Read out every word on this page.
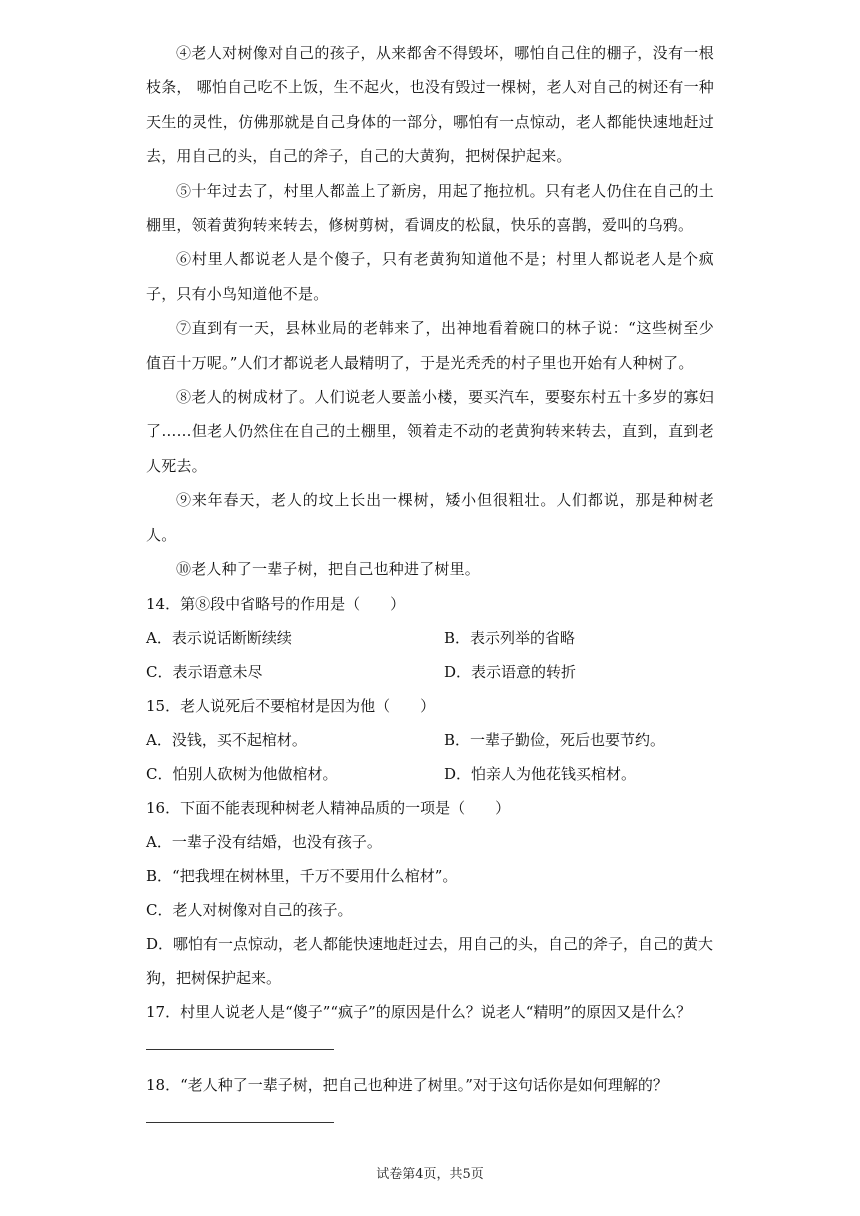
④老人对树像对自己的孩子，从来都舍不得毁坏，哪怕自己住的棚子，没有一根枝条， 哪怕自己吃不上饭，生不起火，也没有毁过一棵树，老人对自己的树还有一种天生的灵性，仿佛那就是自己身体的一部分，哪怕有一点惊动，老人都能快速地赶过去，用自己的头，自己的斧子，自己的大黄狗，把树保护起来。

⑤十年过去了，村里人都盖上了新房，用起了拖拉机。只有老人仍住在自己的土棚里，领着黄狗转来转去，修树剪树，看调皮的松鼠，快乐的喜鹊，爱叫的乌鸦。

⑥村里人都说老人是个傻子，只有老黄狗知道他不是；村里人都说老人是个疯子，只有小鸟知道他不是。

⑦直到有一天，县林业局的老韩来了，出神地看着碗口的林子说：“这些树至少值百十万呢。”人们才都说老人最精明了，于是光秃秃的村子里也开始有人种树了。

⑧老人的树成材了。人们说老人要盖小楼，要买汽车，要娶东村五十多岁的寡妇了……但老人仍然住在自己的土棚里，领着走不动的老黄狗转来转去，直到，直到老人死去。

⑨来年春天，老人的坟上长出一棵树，矮小但很粗壮。人们都说，那是种树老人。

⑩老人种了一辈子树，把自己也种进了树里。

14．第⑧段中省略号的作用是（　　）

A．表示说话断断续续	B．表示列举的省略

C．表示语意未尽	D．表示语意的转折

15．老人说死后不要棺材是因为他（　　）

A．没钱，买不起棺材。	B．一辈子勤俭，死后也要节约。

C．怕别人砍树为他做棺材。	D．怕亲人为他花钱买棺材。

16．下面不能表现种树老人精神品质的一项是（　　）

A．一辈子没有结婚，也没有孩子。

B．“把我埋在树林里，千万不要用什么棺材”。

C．老人对树像对自己的孩子。

D．哪怕有一点惊动，老人都能快速地赶过去，用自己的头，自己的斧子，自己的黄大狗，把树保护起来。

17．村里人说老人是“傻子”“疯子”的原因是什么？说老人“精明”的原因又是什么？

18．“老人种了一辈子树，把自己也种进了树里。”对于这句话你是如何理解的？

试卷第4页，共5页
